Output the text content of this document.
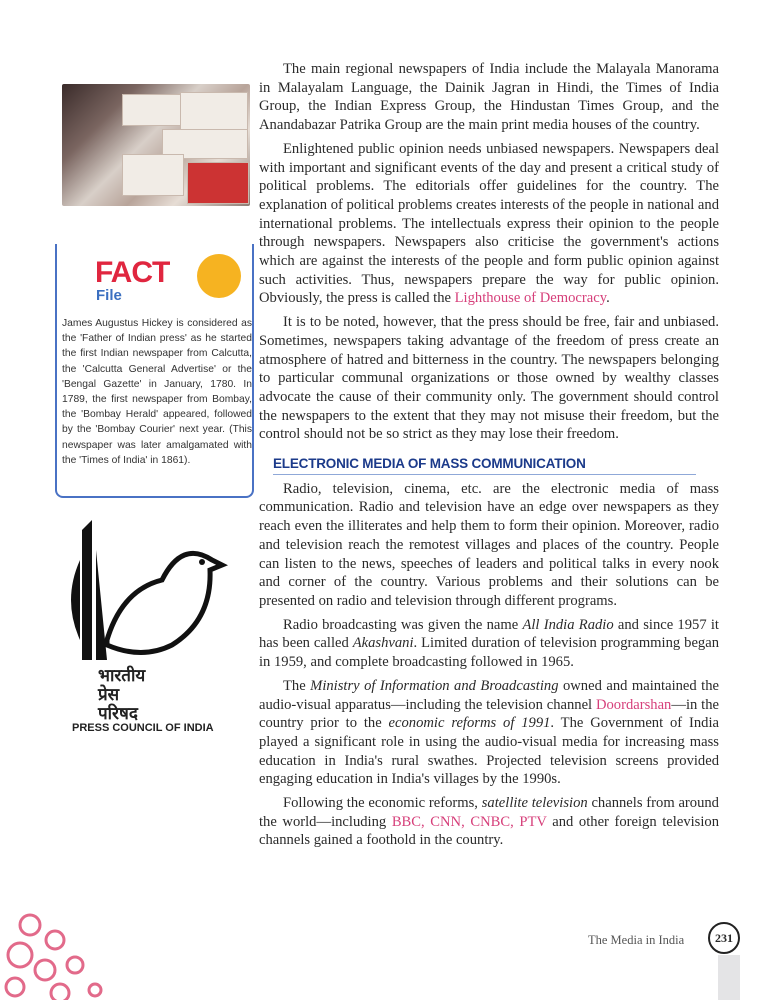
FACT
File
James Augustus Hickey is considered as the 'Father of Indian press' as he started the first Indian newspaper from Calcutta, the 'Calcutta General Advertise' or the 'Bengal Gazette' in January, 1780. In 1789, the first newspaper from Bombay, the 'Bombay Herald' appeared, followed by the 'Bombay Courier' next year. (This newspaper was later amalgamated with the 'Times of India' in 1861).
भारतीय
प्रेस
परिषद
PRESS COUNCIL OF INDIA

The main regional newspapers of India include the Malayala Manorama in Malayalam Language, the Dainik Jagran in Hindi, the Times of India Group, the Indian Express Group, the Hindustan Times Group, and the Anandabazar Patrika Group are the main print media houses of the country.

Enlightened public opinion needs unbiased newspapers. Newspapers deal with important and significant events of the day and present a critical study of political problems. The editorials offer guidelines for the country. The explanation of political problems creates interests of the people in national and international problems. The intellectuals express their opinion to the people through newspapers. Newspapers also criticise the government's actions which are against the interests of the people and form public opinion against such activities. Thus, newspapers prepare the way for public opinion. Obviously, the press is called the Lighthouse of Democracy.

It is to be noted, however, that the press should be free, fair and unbiased. Sometimes, newspapers taking advantage of the freedom of press create an atmosphere of hatred and bitterness in the country. The newspapers belonging to particular communal organizations or those owned by wealthy classes advocate the cause of their community only. The government should control the newspapers to the extent that they may not misuse their freedom, but the control should not be so strict as they may lose their freedom.

ELECTRONIC MEDIA OF MASS COMMUNICATION

Radio, television, cinema, etc. are the electronic media of mass communication. Radio and television have an edge over newspapers as they reach even the illiterates and help them to form their opinion. Moreover, radio and television reach the remotest villages and places of the country. People can listen to the news, speeches of leaders and political talks in every nook and corner of the country. Various problems and their solutions can be presented on radio and television through different programs.

Radio broadcasting was given the name All India Radio and since 1957 it has been called Akashvani. Limited duration of television programming began in 1959, and complete broadcasting followed in 1965.

The Ministry of Information and Broadcasting owned and maintained the audio-visual apparatus—including the television channel Doordarshan—in the country prior to the economic reforms of 1991. The Government of India played a significant role in using the audio-visual media for increasing mass education in India's rural swathes. Projected television screens provided engaging education in India's villages by the 1990s.

Following the economic reforms, satellite television channels from around the world—including BBC, CNN, CNBC, PTV and other foreign television channels gained a foothold in the country.

The Media in India	231
